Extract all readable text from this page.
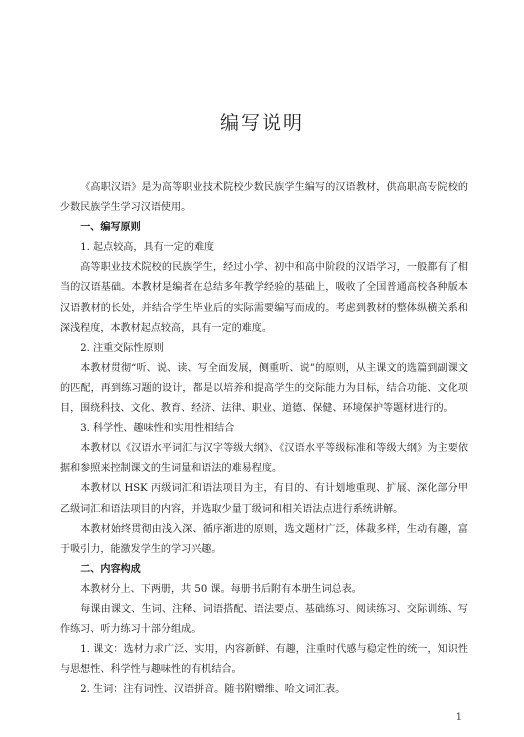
编写说明

《高职汉语》是为高等职业技术院校少数民族学生编写的汉语教材，供高职高专院校的少数民族学生学习汉语使用。

一、编写原则

1. 起点较高，具有一定的难度

高等职业技术院校的民族学生，经过小学、初中和高中阶段的汉语学习，一般都有了相当的汉语基础。本教材是编者在总结多年教学经验的基础上，吸收了全国普通高校各种版本汉语教材的长处，并结合学生毕业后的实际需要编写而成的。考虑到教材的整体纵横关系和深浅程度，本教材起点较高，具有一定的难度。

2. 注重交际性原则

本教材贯彻“听、说、读、写全面发展，侧重听、说”的原则，从主课文的选篇到副课文的匹配，再到练习题的设计，都是以培养和提高学生的交际能力为目标，结合功能、文化项目，围绕科技、文化、教育、经济、法律、职业、道德、保健、环境保护等题材进行的。

3. 科学性、趣味性和实用性相结合

本教材以《汉语水平词汇与汉字等级大纲》、《汉语水平等级标准和等级大纲》为主要依据和参照来控制课文的生词量和语法的难易程度。

本教材以 HSK 丙级词汇和语法项目为主，有目的、有计划地重现、扩展、深化部分甲乙级词汇和语法项目的内容，并选取少量丁级词和相关语法点进行系统讲解。

本教材始终贯彻由浅入深、循序渐进的原则，选文题材广泛，体裁多样，生动有趣，富于吸引力，能激发学生的学习兴趣。

二、内容构成

本教材分上、下两册，共 50 课。每册书后附有本册生词总表。

每课由课文、生词、注释、词语搭配、语法要点、基础练习、阅读练习、交际训练、写作练习、听力练习十部分组成。

1. 课文：选材力求广泛、实用，内容新鲜、有趣，注重时代感与稳定性的统一，知识性与思想性、科学性与趣味性的有机结合。

2. 生词：注有词性、汉语拼音。随书附赠维、哈文词汇表。

1
